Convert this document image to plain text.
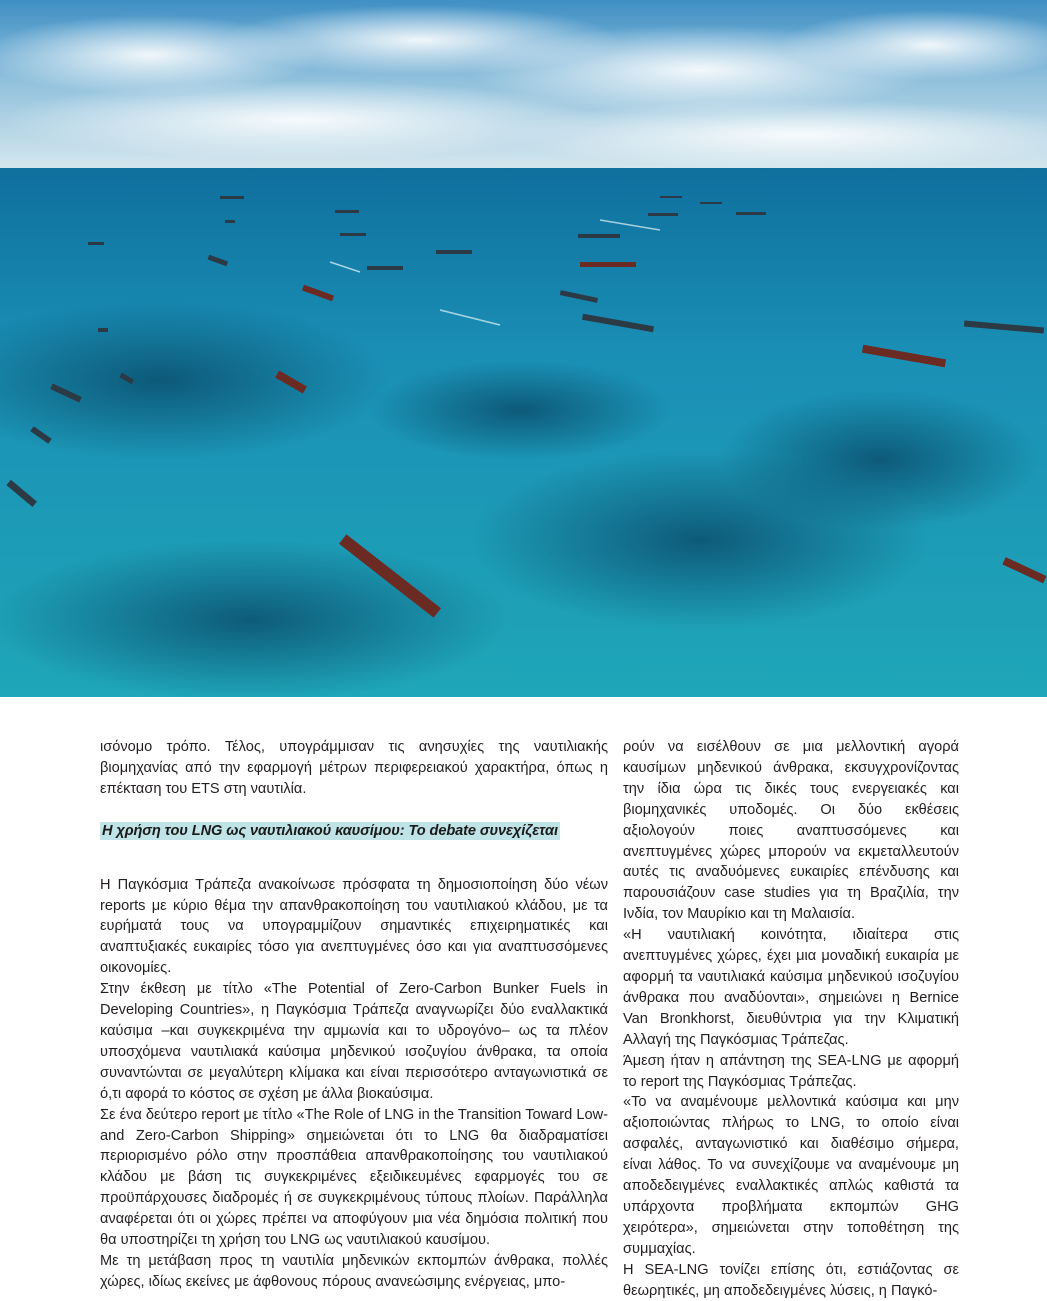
ισόνομο τρόπο. Τέλος, υπογράμμισαν τις ανησυχίες της ναυτιλιακής βιομηχανίας από την εφαρμογή μέτρων περιφερειακού χαρακτήρα, όπως η επέκταση του ETS στη ναυτιλία.

Η χρήση του LNG ως ναυτιλιακού καυσίμου: Το debate συνεχίζεται

Η Παγκόσμια Τράπεζα ανακοίνωσε πρόσφατα τη δημοσιοποίηση δύο νέων reports με κύριο θέμα την απανθρακοποίηση του ναυτιλιακού κλάδου, με τα ευρήματά τους να υπογραμμίζουν σημαντικές επιχειρηματικές και αναπτυξιακές ευκαιρίες τόσο για ανεπτυγμένες όσο και για αναπτυσσόμενες οικονομίες.

Στην έκθεση με τίτλο «The Potential of Zero-Carbon Bunker Fuels in Developing Countries», η Παγκόσμια Τράπεζα αναγνωρίζει δύο εναλλακτικά καύσιμα –και συγκεκριμένα την αμμωνία και το υδρογόνο– ως τα πλέον υποσχόμενα ναυτιλιακά καύσιμα μηδενικού ισοζυγίου άνθρακα, τα οποία συναντώνται σε μεγαλύτερη κλίμακα και είναι περισσότερο ανταγωνιστικά σε ό,τι αφορά το κόστος σε σχέση με άλλα βιοκαύσιμα.

Σε ένα δεύτερο report με τίτλο «The Role of LNG in the Transition Toward Low- and Zero-Carbon Shipping» σημειώνεται ότι το LNG θα διαδραματίσει περιορισμένο ρόλο στην προσπάθεια απανθρακοποίησης του ναυτιλιακού κλάδου με βάση τις συγκεκριμένες εξειδικευμένες εφαρμογές του σε προϋπάρχουσες διαδρομές ή σε συγκεκριμένους τύπους πλοίων. Παράλληλα αναφέρεται ότι οι χώρες πρέπει να αποφύγουν μια νέα δημόσια πολιτική που θα υποστηρίζει τη χρήση του LNG ως ναυτιλιακού καυσίμου.

Με τη μετάβαση προς τη ναυτιλία μηδενικών εκπομπών άνθρακα, πολλές χώρες, ιδίως εκείνες με άφθονους πόρους ανανεώσιμης ενέργειας, μπο-

ρούν να εισέλθουν σε μια μελλοντική αγορά καυσίμων μηδενικού άνθρακα, εκσυγχρονίζοντας την ίδια ώρα τις δικές τους ενεργειακές και βιομηχανικές υποδομές. Οι δύο εκθέσεις αξιολογούν ποιες αναπτυσσόμενες και ανεπτυγμένες χώρες μπορούν να εκμεταλλευτούν αυτές τις αναδυόμενες ευκαιρίες επένδυσης και παρουσιάζουν case studies για τη Βραζιλία, την Ινδία, τον Μαυρίκιο και τη Μαλαισία.

«Η ναυτιλιακή κοινότητα, ιδιαίτερα στις ανεπτυγμένες χώρες, έχει μια μοναδική ευκαιρία με αφορμή τα ναυτιλιακά καύσιμα μηδενικού ισοζυγίου άνθρακα που αναδύονται», σημειώνει η Bernice Van Bronkhorst, διευθύντρια για την Κλιματική Αλλαγή της Παγκόσμιας Τράπεζας.

Άμεση ήταν η απάντηση της SEA-LNG με αφορμή το report της Παγκόσμιας Τράπεζας.

«Το να αναμένουμε μελλοντικά καύσιμα και μην αξιοποιώντας πλήρως το LNG, το οποίο είναι ασφαλές, ανταγωνιστικό και διαθέσιμο σήμερα, είναι λάθος. Το να συνεχίζουμε να αναμένουμε μη αποδεδειγμένες εναλλακτικές απλώς καθιστά τα υπάρχοντα προβλήματα εκπομπών GHG χειρότερα», σημειώνεται στην τοποθέτηση της συμμαχίας.

Η SEA-LNG τονίζει επίσης ότι, εστιάζοντας σε θεωρητικές, μη αποδεδειγμένες λύσεις, η Παγκό-
